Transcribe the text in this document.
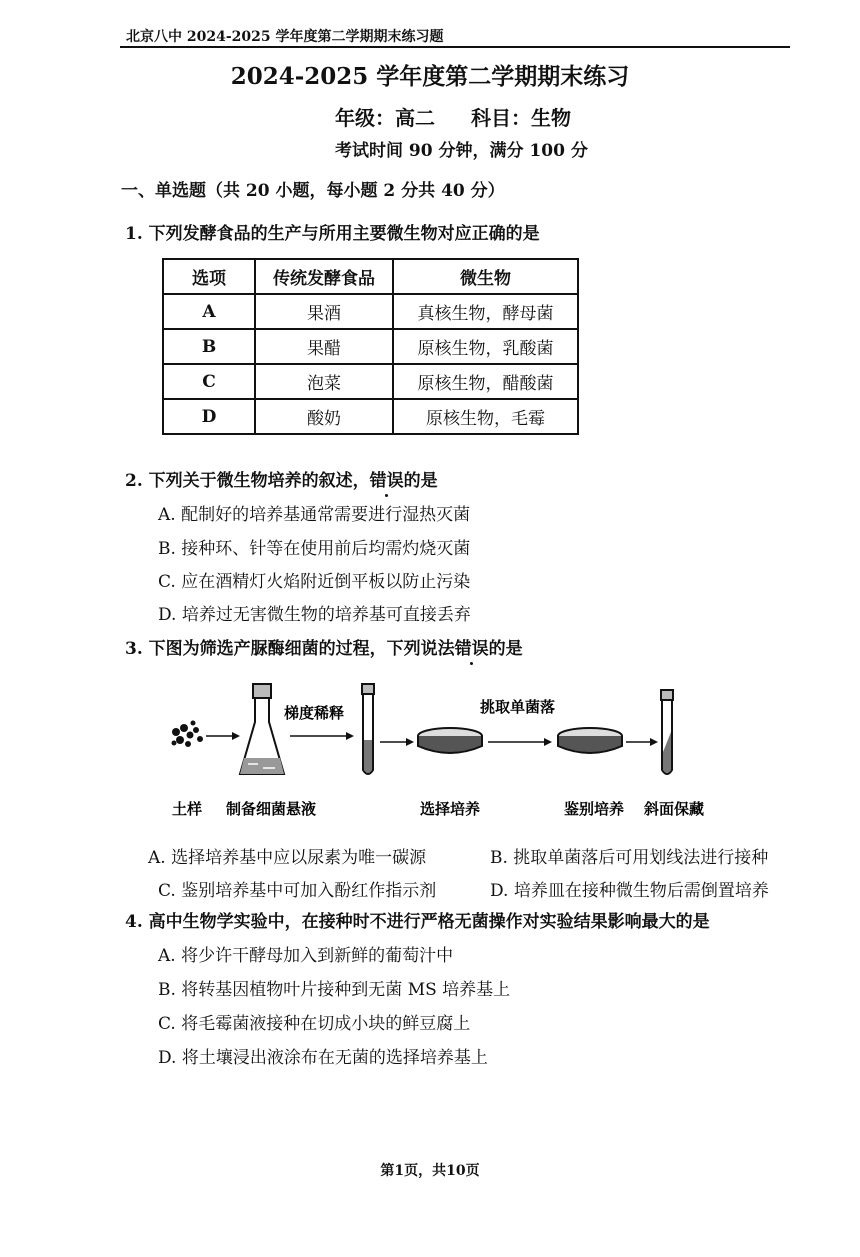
北京八中 2024-2025 学年度第二学期期末练习题
2024-2025 学年度第二学期期末练习
年级：高二 科目：生物
考试时间 90 分钟，满分 100 分
一、单选题（共 20 小题，每小题 2 分共 40 分）
1. 下列发酵食品的生产与所用主要微生物对应正确的是
选项	传统发酵食品	微生物
A	果酒	真核生物，酵母菌
B	果醋	原核生物，乳酸菌
C	泡菜	原核生物，醋酸菌
D	酸奶	原核生物，毛霉
2. 下列关于微生物培养的叙述，错误的是
A. 配制好的培养基通常需要进行湿热灭菌
B. 接种环、针等在使用前后均需灼烧灭菌
C. 应在酒精灯火焰附近倒平板以防止污染
D. 培养过无害微生物的培养基可直接丢弃
3. 下图为筛选产脲酶细菌的过程，下列说法错误的是
梯度稀释	挑取单菌落
土样 制备细菌悬液	选择培养	鉴别培养 斜面保藏
A. 选择培养基中应以尿素为唯一碳源	B. 挑取单菌落后可用划线法进行接种
C. 鉴别培养基中可加入酚红作指示剂	D. 培养皿在接种微生物后需倒置培养
4. 高中生物学实验中，在接种时不进行严格无菌操作对实验结果影响最大的是
A. 将少许干酵母加入到新鲜的葡萄汁中
B. 将转基因植物叶片接种到无菌 MS 培养基上
C. 将毛霉菌液接种在切成小块的鲜豆腐上
D. 将土壤浸出液涂布在无菌的选择培养基上
第1页，共10页
